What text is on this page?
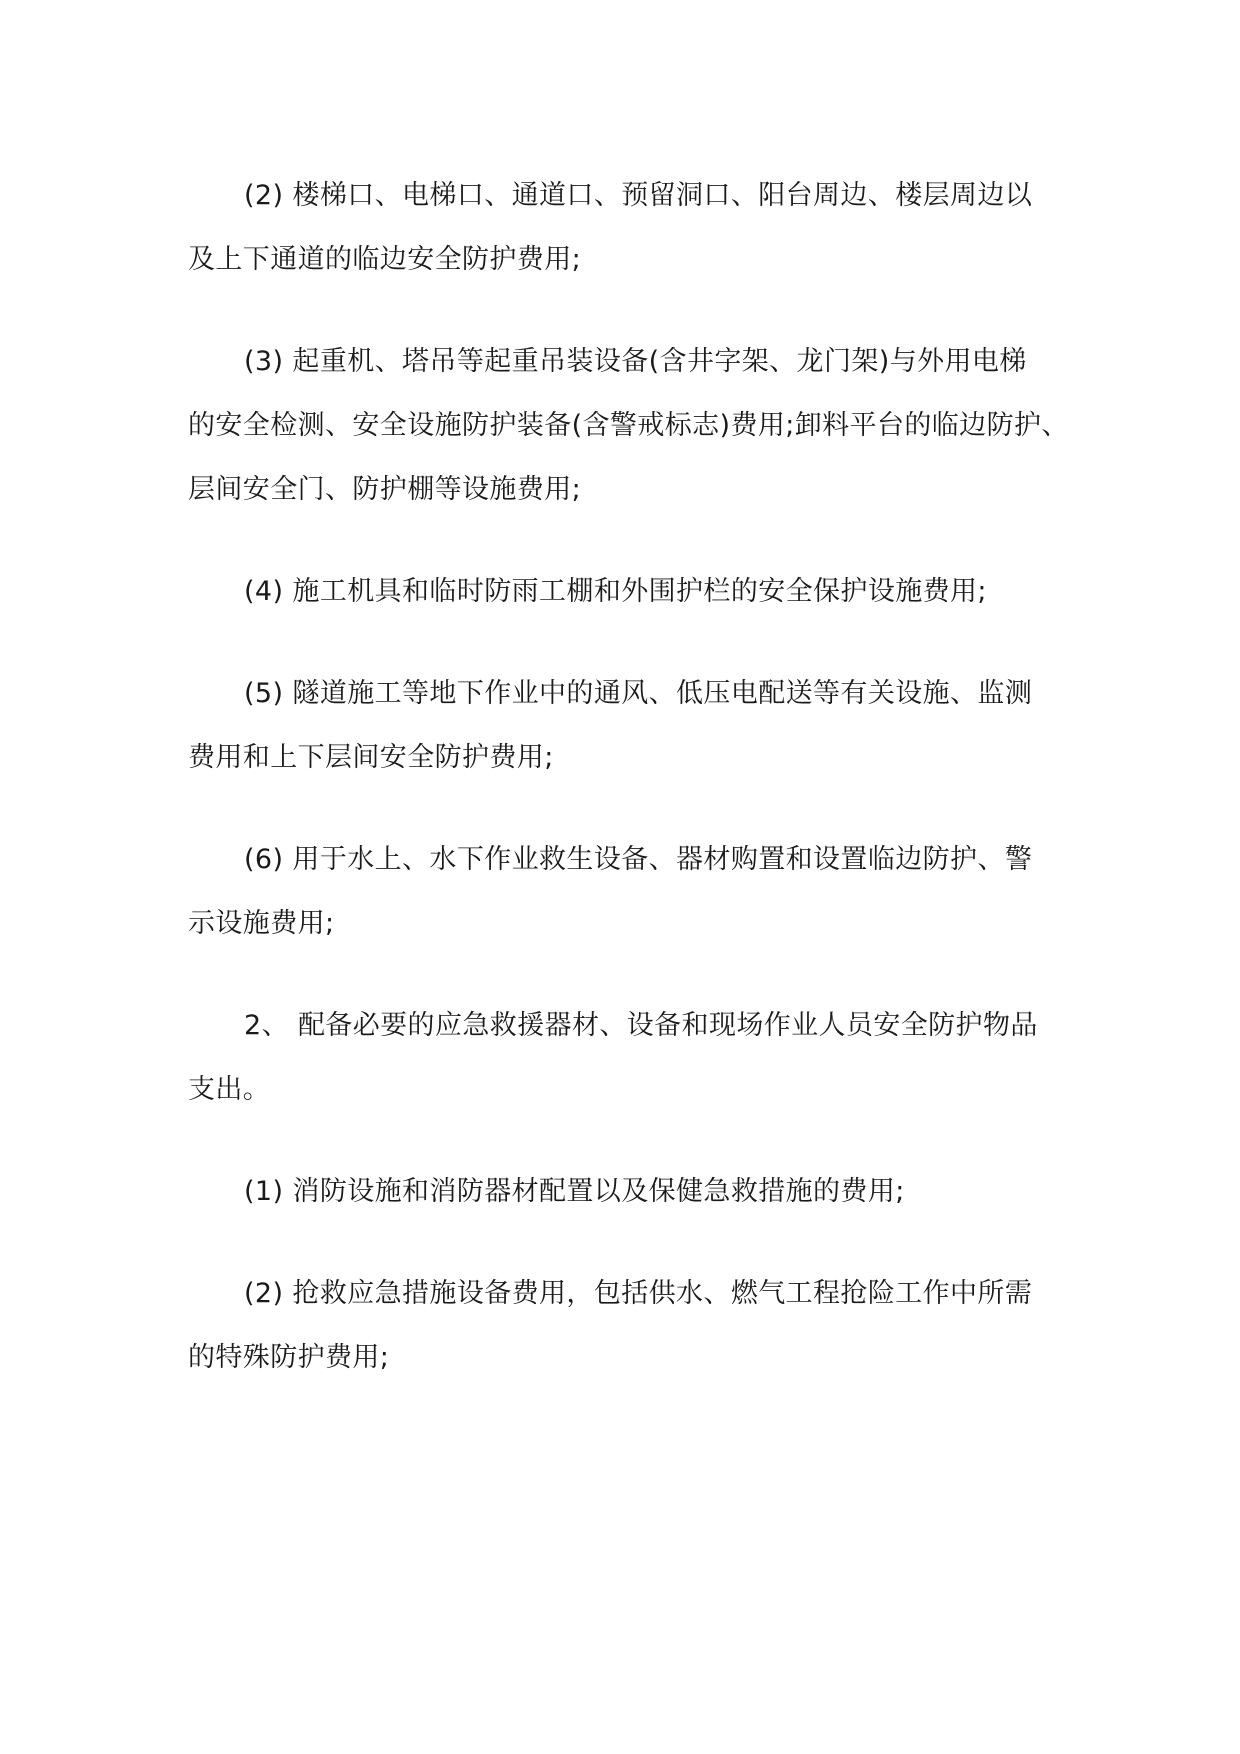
(2) 楼梯口、电梯口、通道口、预留洞口、阳台周边、楼层周边以
及上下通道的临边安全防护费用;
(3) 起重机、塔吊等起重吊装设备(含井字架、龙门架)与外用电梯
的安全检测、安全设施防护装备(含警戒标志)费用;卸料平台的临边防护、
层间安全门、防护棚等设施费用;
(4) 施工机具和临时防雨工棚和外围护栏的安全保护设施费用;
(5) 隧道施工等地下作业中的通风、低压电配送等有关设施、监测
费用和上下层间安全防护费用;
(6) 用于水上、水下作业救生设备、器材购置和设置临边防护、警
示设施费用;
2、 配备必要的应急救援器材、设备和现场作业人员安全防护物品
支出。
(1) 消防设施和消防器材配置以及保健急救措施的费用;
(2) 抢救应急措施设备费用，包括供水、燃气工程抢险工作中所需
的特殊防护费用;
